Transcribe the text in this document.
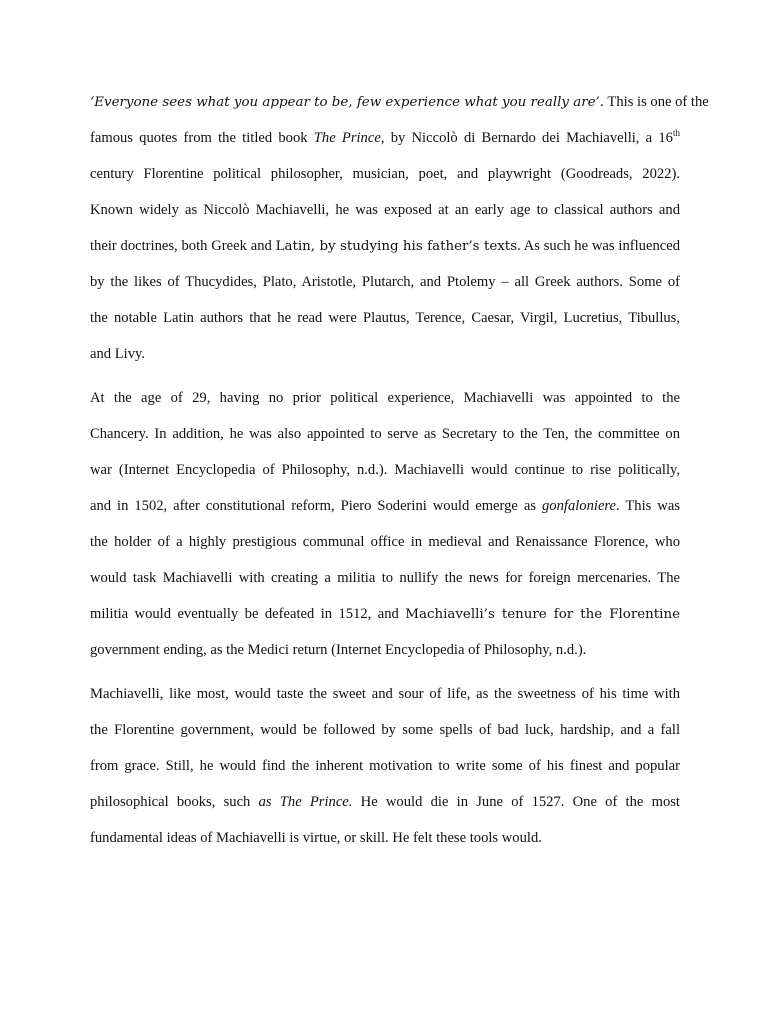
‘Everyone sees what you appear to be, few experience what you really are’. This is one of the
famous quotes from the titled book The Prince, by Niccolò di Bernardo dei Machiavelli, a 16th
century Florentine political philosopher, musician, poet, and playwright (Goodreads, 2022).
Known widely as Niccolò Machiavelli, he was exposed at an early age to classical authors and
their doctrines, both Greek and Latin, by studying his father’s texts. As such he was influenced
by the likes of Thucydides, Plato, Aristotle, Plutarch, and Ptolemy – all Greek authors. Some of
the notable Latin authors that he read were Plautus, Terence, Caesar, Virgil, Lucretius, Tibullus,
and Livy.
At the age of 29, having no prior political experience, Machiavelli was appointed to the
Chancery. In addition, he was also appointed to serve as Secretary to the Ten, the committee on
war (Internet Encyclopedia of Philosophy, n.d.). Machiavelli would continue to rise politically,
and in 1502, after constitutional reform, Piero Soderini would emerge as gonfaloniere. This was
the holder of a highly prestigious communal office in medieval and Renaissance Florence, who
would task Machiavelli with creating a militia to nullify the news for foreign mercenaries. The
militia would eventually be defeated in 1512, and Machiavelli’s tenure for the Florentine
government ending, as the Medici return (Internet Encyclopedia of Philosophy, n.d.).
Machiavelli, like most, would taste the sweet and sour of life, as the sweetness of his time with
the Florentine government, would be followed by some spells of bad luck, hardship, and a fall
from grace. Still, he would find the inherent motivation to write some of his finest and popular
philosophical books, such as The Prince. He would die in June of 1527. One of the most
fundamental ideas of Machiavelli is virtue, or skill. He felt these tools would.
